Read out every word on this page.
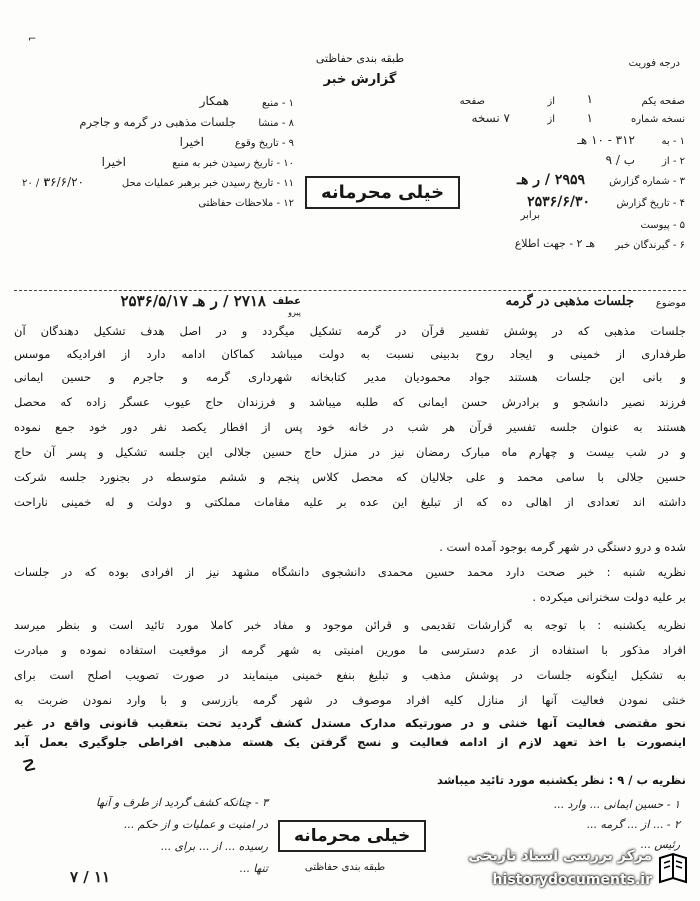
طبقه بندی حفاظتی
گزارش خبر
درجه فوریت
⌐
صفحه یکم
۱
از
صفحه
نسخه شماره
۱
از
۷ نسخه
۱ - به
۳۱۲ - ۱۰ هـ
۲ - از
ب / ۹
۳ - شماره گزارش
۲۹۵۹ / ر هـ
۴ - تاریخ گزارش
۲۵۳۶/۶/۳۰
۵ - پیوست
برابر
۶ - گیرندگان خبر
هـ ۲ - جهت اطلاع
۱ - منبع
همکار
۸ - منشا
جلسات مذهبی در گرمه و جاجرم
۹ - تاریخ وقوع
اخیرا
۱۰ - تاریخ رسیدن خبر به منبع
اخیرا
۱۱ - تاریخ رسیدن خبر برهبر عملیات محل
۳۶/۶/۲۰
۱۲ - ملاحظات حفاظتی
خیلی محرمانه
۲۰ / ۱
موضوع
جلسات مذهبی در گرمه
عطف
پیرو
۲۷۱۸ / ر هـ ۲۵۳۶/۵/۱۷
جلسات مذهبی که در پوشش تفسیر قرآن در گرمه تشکیل میگردد و در اصل هدف تشکیل دهندگان آن
طرفداری از خمینی و ایجاد روح بدبینی نسبت به دولت میباشد کماکان ادامه دارد از افرادیکه موسس
و بانی این جلسات هستند جواد محمودیان مدیر کتابخانه شهرداری گرمه و جاجرم و حسین ایمانی
فرزند نصیر دانشجو و برادرش حسن ایمانی که طلبه میباشد و فرزندان حاج عیوب عسگر زاده که محصل
هستند به عنوان جلسه تفسیر قرآن هر شب در خانه خود پس از افطار یکصد نفر دور خود جمع نموده
و در شب بیست و چهارم ماه مبارک رمضان نیز در منزل حاج حسین جلالی این جلسه تشکیل و پسر آن حاج
حسین جلالی با سامی محمد و علی جلالیان که محصل کلاس پنجم و ششم متوسطه در بجنورد جلسه شرکت
داشته اند تعدادی از اهالی ده که از تبلیغ این عده بر علیه مقامات مملکتی و دولت و له خمینی ناراحت
شده و درو دستگی در شهر گرمه بوجود آمده است .
نظریه شنبه : خبر صحت دارد محمد حسین محمدی دانشجوی دانشگاه مشهد نیز از افرادی بوده که در جلسات
بر علیه دولت سخنرانی میکرده .
نظریه یکشنبه : با توجه به گزارشات تقدیمی و قرائن موجود و مفاد خبر کاملا مورد تائید است و بنظر میرسد
افراد مذکور با استفاده از عدم دسترسی ما مورین امنیتی به شهر گرمه از موقعیت استفاده نموده و مبادرت
به تشکیل اینگونه جلسات در پوشش مذهب و تبلیغ بنفع خمینی مینمایند در صورت تصویب اصلح است برای
خنثی نمودن فعالیت آنها از منازل کلیه افراد موصوف در شهر گرمه بازرسی و با وارد نمودن ضربت به
نحو مقتضی فعالیت آنها خنثی و در صورتیکه مدارک مستدل کشف گردید تحت بتعقیب قانونی واقع در غیر
اینصورت با اخذ تعهد لازم از ادامه فعالیت و نسج گرفتن یک هسته مذهبی افراطی جلوگیری بعمل آید
نظریه ب / ۹ : نظر یکشنبه مورد تائید میباشد
☡
۳ - چنانکه کشف گردید از طرف و آنها
در امنیت و عملیات و از حکم ...
رسیده ... از ... برای ...
تنها ...
۷ / ۱۱
۱ - حسین ایمانی ... وارد ...
۲ - ... از ... گرمه ...
رئیس ...
خیلی محرمانه
طبقه بندی حفاظتی
مرکز بررسی اسناد تاریخی
historydocuments.ir
